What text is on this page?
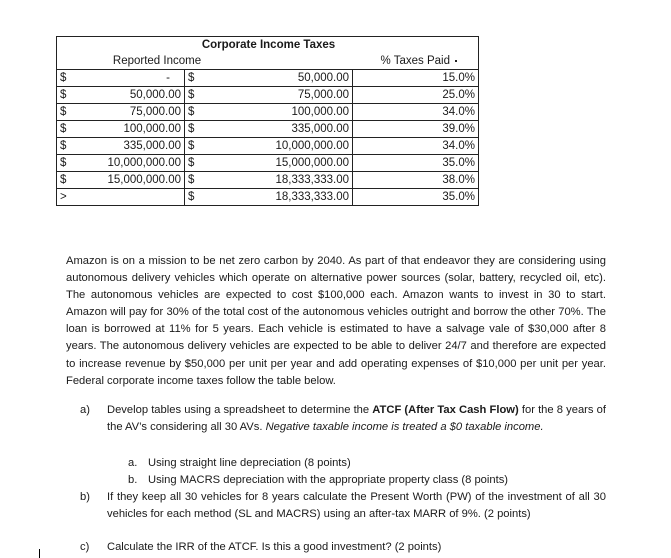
		Corporate Income Taxes		
	Reported Income			% Taxes Paid
$	-	$	50,000.00	15.0%
$	50,000.00	$	75,000.00	25.0%
$	75,000.00	$	100,000.00	34.0%
$	100,000.00	$	335,000.00	39.0%
$	335,000.00	$	10,000,000.00	34.0%
$	10,000,000.00	$	15,000,000.00	35.0%
$	15,000,000.00	$	18,333,333.00	38.0%
>		$	18,333,333.00	35.0%

Amazon is on a mission to be net zero carbon by 2040. As part of that endeavor they are considering using autonomous delivery vehicles which operate on alternative power sources (solar, battery, recycled oil, etc). The autonomous vehicles are expected to cost $100,000 each. Amazon wants to invest in 30 to start. Amazon will pay for 30% of the total cost of the autonomous vehicles outright and borrow the other 70%. The loan is borrowed at 11% for 5 years. Each vehicle is estimated to have a salvage vale of $30,000 after 8 years. The autonomous delivery vehicles are expected to be able to deliver 24/7 and therefore are expected to increase revenue by $50,000 per unit per year and add operating expenses of $10,000 per unit per year. Federal corporate income taxes follow the table below.

a) Develop tables using a spreadsheet to determine the ATCF (After Tax Cash Flow) for the 8 years of the AV’s considering all 30 AVs. Negative taxable income is treated a $0 taxable income.
a. Using straight line depreciation (8 points)
b. Using MACRS depreciation with the appropriate property class (8 points)
b) If they keep all 30 vehicles for 8 years calculate the Present Worth (PW) of the investment of all 30 vehicles for each method (SL and MACRS) using an after-tax MARR of 9%. (2 points)
c) Calculate the IRR of the ATCF. Is this a good investment? (2 points)
